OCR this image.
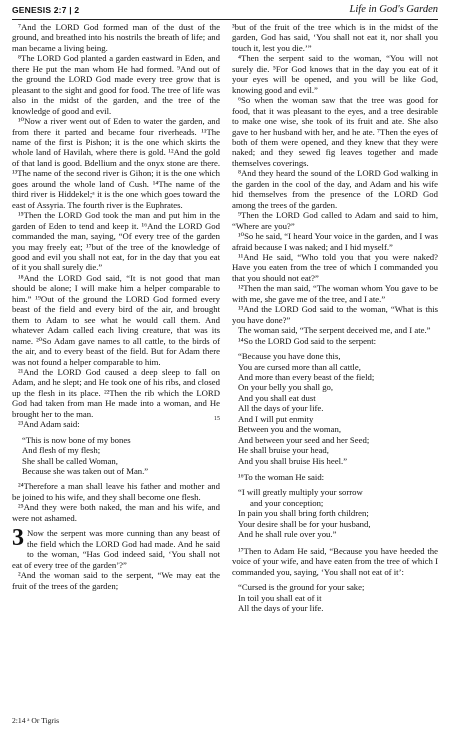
GENESIS 2:7 | 2	Life in God's Garden

⁷And the LORD God formed man of the dust of the ground, and breathed into his nostrils the breath of life; and man became a living being.

⁸The LORD God planted a garden eastward in Eden, and there He put the man whom He had formed. ⁹And out of the ground the LORD God made every tree grow that is pleasant to the sight and good for food. The tree of life was also in the midst of the garden, and the tree of the knowledge of good and evil.

¹⁰Now a river went out of Eden to water the garden, and from there it parted and became four riverheads. ¹¹The name of the first is Pishon; it is the one which skirts the whole land of Havilah, where there is gold. ¹²And the gold of that land is good. Bdellium and the onyx stone are there. ¹³The name of the second river is Gihon; it is the one which goes around the whole land of Cush. ¹⁴The name of the third river is Hiddekel;ᵃ it is the one which goes toward the east of Assyria. The fourth river is the Euphrates.

¹⁵Then the LORD God took the man and put him in the garden of Eden to tend and keep it. ¹⁶And the LORD God commanded the man, saying, “Of every tree of the garden you may freely eat; ¹⁷but of the tree of the knowledge of good and evil you shall not eat, for in the day that you eat of it you shall surely die.”

¹⁸And the LORD God said, “It is not good that man should be alone; I will make him a helper comparable to him.” ¹⁹Out of the ground the LORD God formed every beast of the field and every bird of the air, and brought them to Adam to see what he would call them. And whatever Adam called each living creature, that was its name. ²⁰So Adam gave names to all cattle, to the birds of the air, and to every beast of the field. But for Adam there was not found a helper comparable to him.

²¹And the LORD God caused a deep sleep to fall on Adam, and he slept; and He took one of his ribs, and closed up the flesh in its place. ²²Then the rib which the LORD God had taken from man He made into a woman, and He brought her to the man.

²³And Adam said:

“This is now bone of my bones
And flesh of my flesh;
She shall be called Woman,
Because she was taken out of Man.”

²⁴Therefore a man shall leave his father and mother and be joined to his wife, and they shall become one flesh.

²⁵And they were both naked, the man and his wife, and were not ashamed.

3 Now the serpent was more cunning than any beast of the field which the LORD God had made. And he said to the woman, “Has God indeed said, ‘You shall not eat of every tree of the garden’?”

²And the woman said to the serpent, “We may eat the fruit of the trees of the garden;

³but of the fruit of the tree which is in the midst of the garden, God has said, ‘You shall not eat it, nor shall you touch it, lest you die.’”

⁴Then the serpent said to the woman, “You will not surely die. ⁵For God knows that in the day you eat of it your eyes will be opened, and you will be like God, knowing good and evil.”

⁶So when the woman saw that the tree was good for food, that it was pleasant to the eyes, and a tree desirable to make one wise, she took of its fruit and ate. She also gave to her husband with her, and he ate. ⁷Then the eyes of both of them were opened, and they knew that they were naked; and they sewed fig leaves together and made themselves coverings.

⁸And they heard the sound of the LORD God walking in the garden in the cool of the day, and Adam and his wife hid themselves from the presence of the LORD God among the trees of the garden.

⁹Then the LORD God called to Adam and said to him, “Where are you?”

¹⁰So he said, “I heard Your voice in the garden, and I was afraid because I was naked; and I hid myself.”

¹¹And He said, “Who told you that you were naked? Have you eaten from the tree of which I commanded you that you should not eat?”

¹²Then the man said, “The woman whom You gave to be with me, she gave me of the tree, and I ate.”

¹³And the LORD God said to the woman, “What is this you have done?”

The woman said, “The serpent deceived me, and I ate.”

¹⁴So the LORD God said to the serpent:

“Because you have done this,
You are cursed more than all cattle,
And more than every beast of the field;
On your belly you shall go,
And you shall eat dust
All the days of your life.
15	And I will put enmity
Between you and the woman,
And between your seed and her Seed;
He shall bruise your head,
And you shall bruise His heel.”

¹⁶To the woman He said:

“I will greatly multiply your sorrow
and your conception;
In pain you shall bring forth children;
Your desire shall be for your husband,
And he shall rule over you.”

¹⁷Then to Adam He said, “Because you have heeded the voice of your wife, and have eaten from the tree of which I commanded you, saying, ‘You shall not eat of it’:

“Cursed is the ground for your sake;
In toil you shall eat of it
All the days of your life.
2:14 ᵃ Or Tigris
